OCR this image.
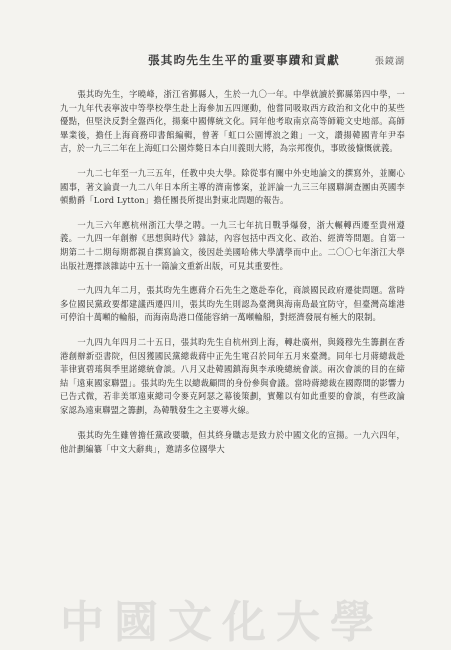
張其昀先生生平的重要事蹟和貢獻	張鏡湖

張其昀先生，字曉峰，浙江省鄞縣人，生於一九〇一年。中學就讀於鄞縣第四中學，一九一九年代表寧波中等學校學生赴上海參加五四運動，他嘗同吸取西方政治和文化中的某些優點，但堅決反對全盤西化，揚棄中國傳統文化。同年他考取南京高等師範文史地部。高師畢業後，擔任上海商務印書館編輯，曾著「虹口公園博浪之錐」一文，讚揚韓國青年尹奉吉，於一九三二年在上海虹口公園炸斃日本白川義則大將，為宗邦復仇，事敗後慷慨就義。

一九二七年至一九三五年，任教中央大學。除從事有關中外史地論文的撰寫外，並關心國事，著文論責一九二八年日本所主導的濟南慘案，並評論一九三三年國聯調查團由英國李頓勳爵「Lord Lytton」擔任團長所提出對東北問題的報告。

一九三六年應杭州浙江大學之聘。一九三七年抗日戰爭爆發，浙大輾轉西遷至貴州遵義。一九四一年創辦《思想與時代》雜誌，內容包括中西文化、政治、經濟等問題。自第一期第二十二期每期都親自撰寫論文，後因赴美國哈佛大學講學而中止。二〇〇七年浙江大學出版社選擇該雜誌中五十一篇論文重新出版，可見其重要性。

一九四九年二月，張其昀先生應蔣介石先生之邀赴奉化，商談國民政府遷徙問題。當時多位國民黨政要都建議西遷四川，張其昀先生則認為臺灣與海南島最宜防守，但臺灣高雄港可停泊十萬噸的輪船，而海南島港口僅能容納一萬噸輪船，對經濟發展有極大的限制。

一九四九年四月二十五日，張其昀先生自杭州到上海，轉赴廣州，與錢穆先生籌劃在香港創辦新亞書院，但因獲國民黨總裁蔣中正先生電召於同年五月來臺灣。同年七月蔣總裁赴菲律賓碧瑤與季里諾總統會談。八月又赴韓國鎮海與李承晚總統會談。兩次會談的目的在締結「遠東國家聯盟」。張其昀先生以總裁顧問的身份參與會議。當時蔣總裁在國際間的影響力已告式微，若非美軍遠東總司令麥克阿瑟之幕後策劃，實難以有如此重要的會談，有些政論家認為遠東聯盟之籌劃，為韓戰發生之主要導火線。

張其昀先生雖曾擔任黨政要職，但其終身職志是致力於中國文化的宣揚。一九六四年，他計劃編纂「中文大辭典」，邀請多位國學大

中國文化大學
